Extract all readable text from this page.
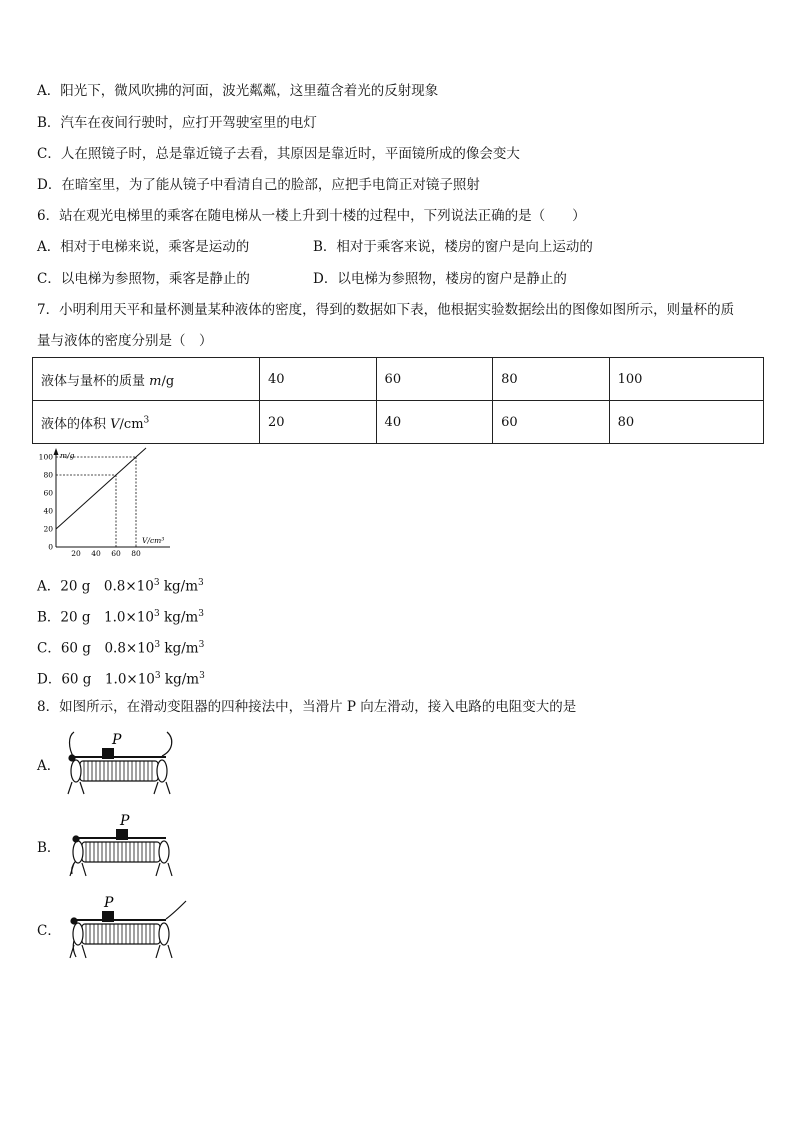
A．阳光下，微风吹拂的河面，波光粼粼，这里蕴含着光的反射现象
B．汽车在夜间行驶时，应打开驾驶室里的电灯
C．人在照镜子时，总是靠近镜子去看，其原因是靠近时，平面镜所成的像会变大
D．在暗室里，为了能从镜子中看清自己的脸部，应把手电筒正对镜子照射
6．站在观光电梯里的乘客在随电梯从一楼上升到十楼的过程中，下列说法正确的是（　　）
A．相对于电梯来说，乘客是运动的	B．相对于乘客来说，楼房的窗户是向上运动的
C．以电梯为参照物，乘客是静止的	D．以电梯为参照物，楼房的窗户是静止的
7．小明利用天平和量杯测量某种液体的密度，得到的数据如下表，他根据实验数据绘出的图像如图所示，则量杯的质
量与液体的密度分别是（　）
液体与量杯的质量 m/g	40	60	80	100
液体的体积 $V/cm^3$	20	40	60	80
m/g
V/cm³
0
20
40
60
80
100
20 40 60 80
A．20 g　$0.8\times 10^3$ $kg/m^3$
B．20 g　$1.0\times 10^3$ $kg/m^3$
C．60 g　$0.8\times 10^3$ $kg/m^3$
D．60 g　$1.0\times 10^3$ $kg/m^3$
8．如图所示，在滑动变阻器的四种接法中，当滑片 P 向左滑动，接入电路的电阻变大的是
A．
P
B．
P
C．
P
